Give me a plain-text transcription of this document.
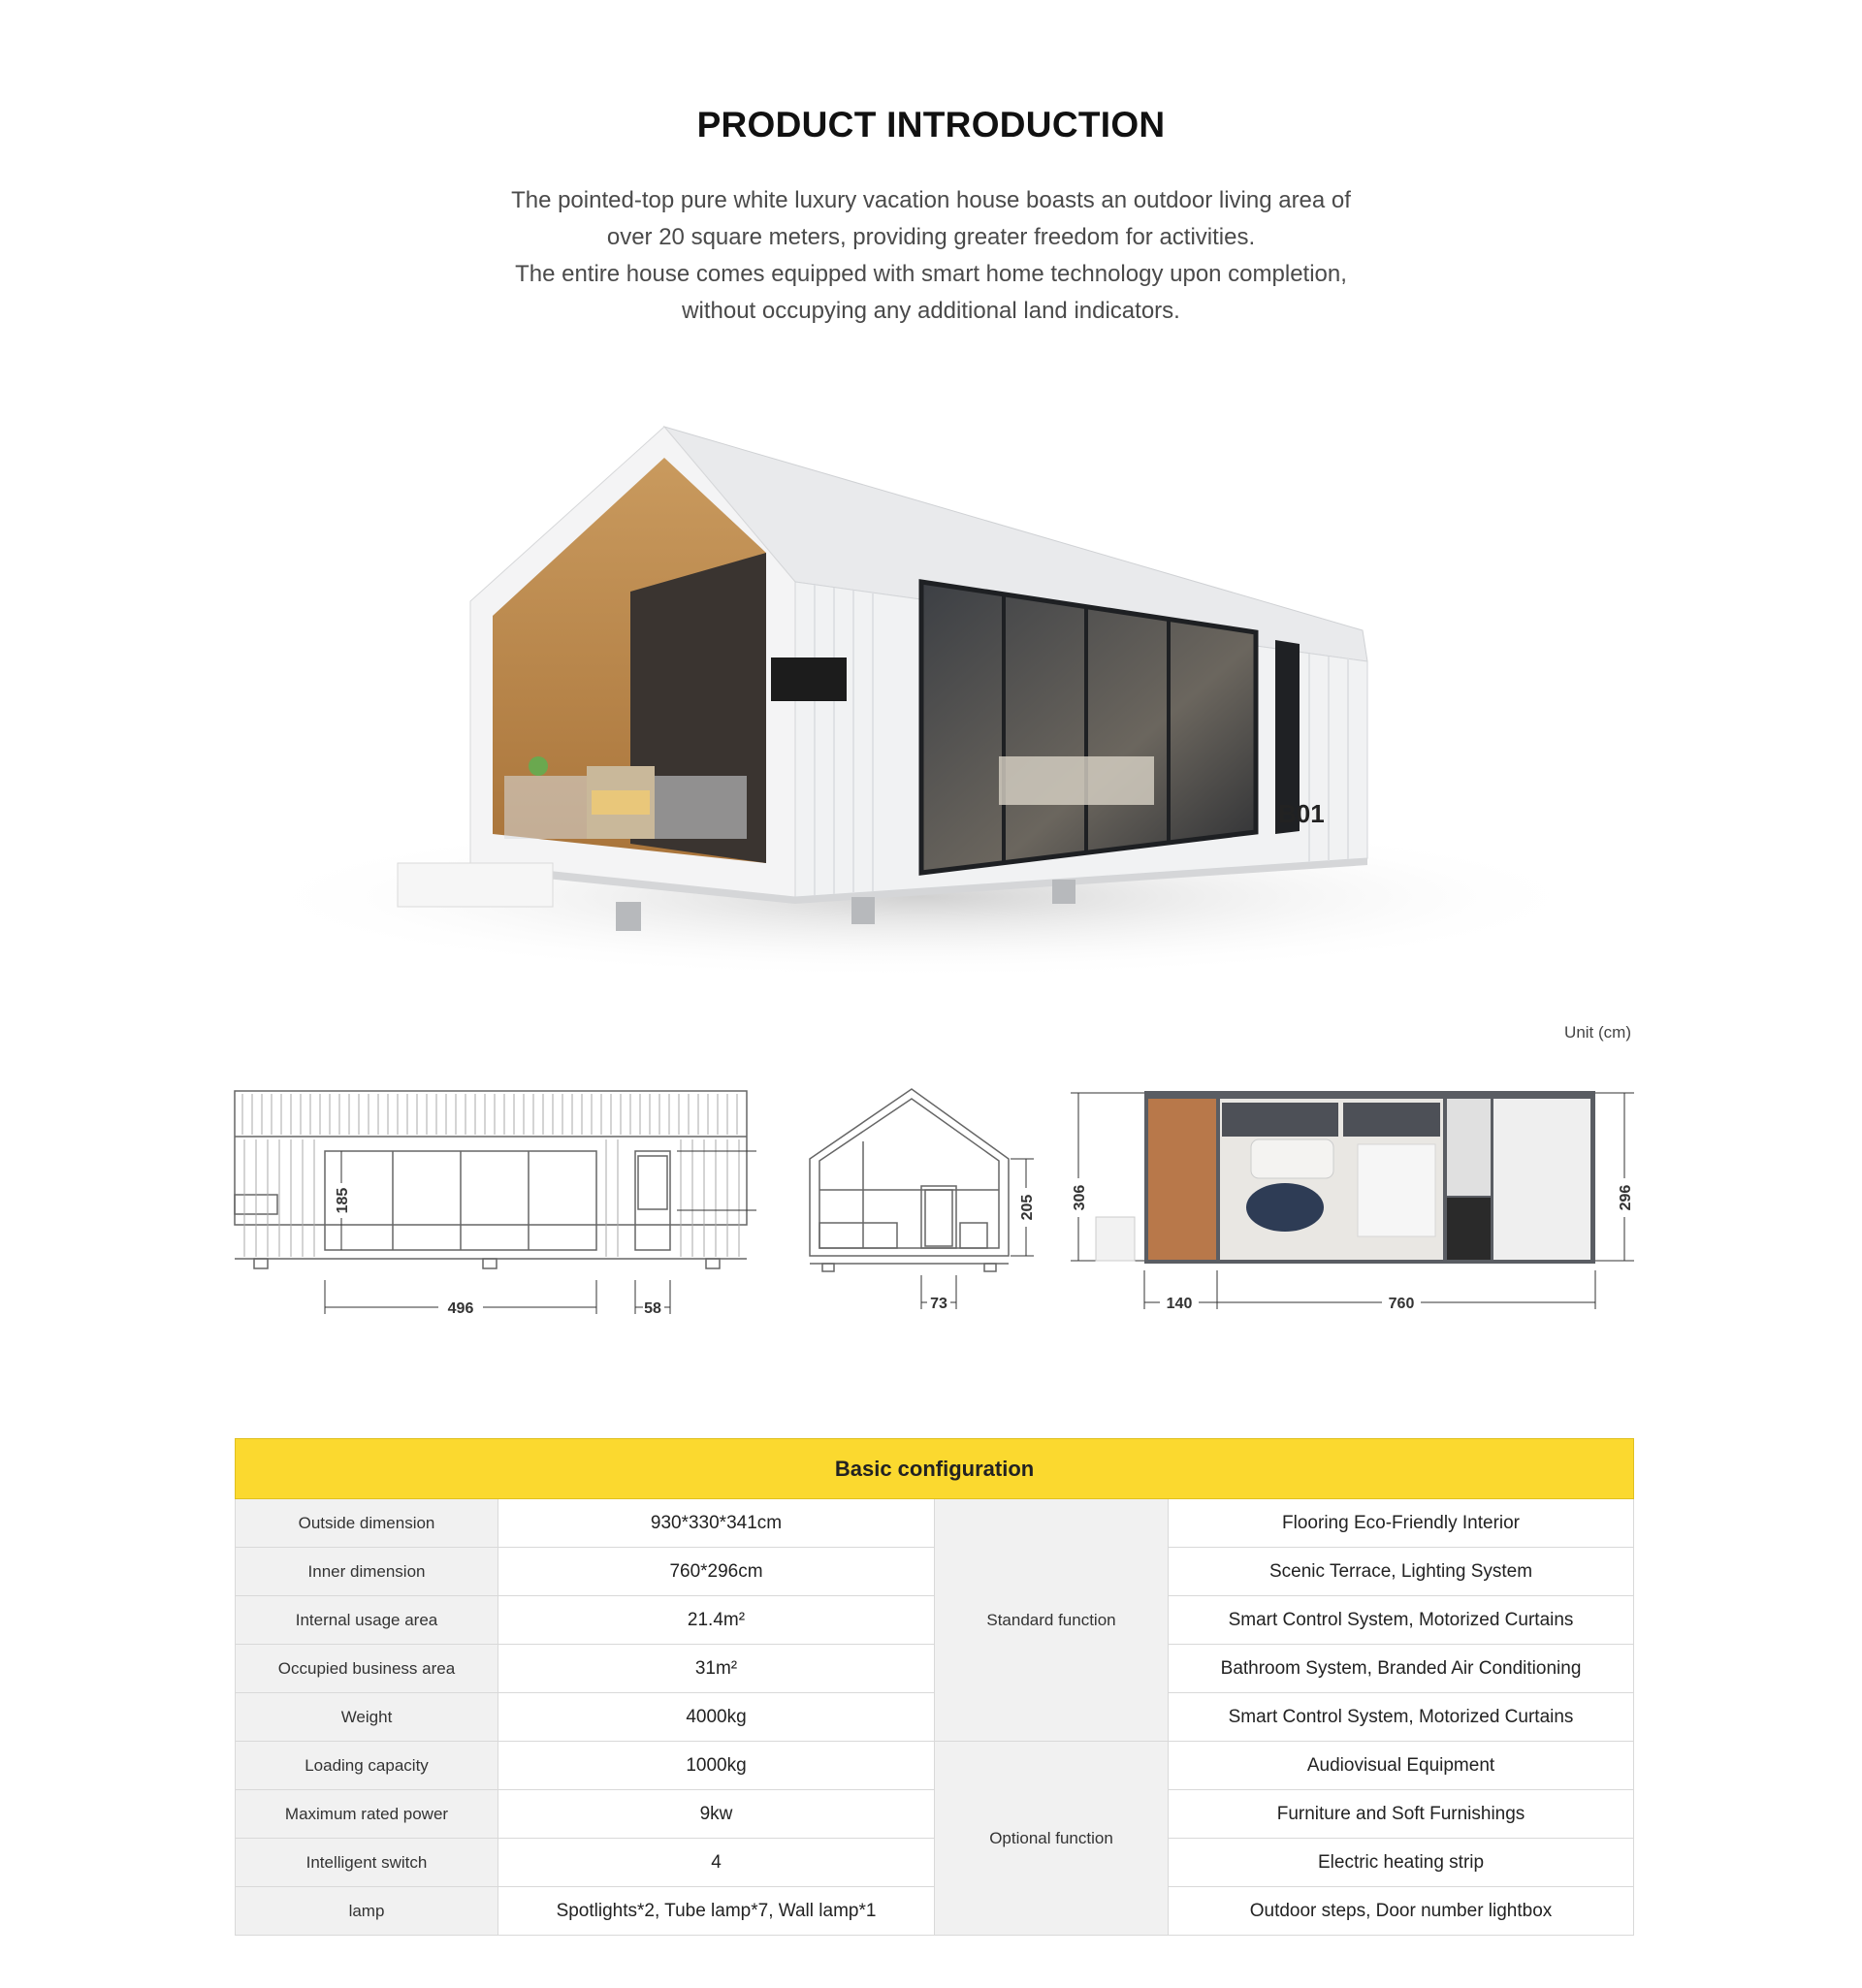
PRODUCT INTRODUCTION
The pointed-top pure white luxury vacation house boasts an outdoor living area of
over 20 square meters, providing greater freedom for activities.
The entire house comes equipped with smart home technology upon completion,
without occupying any additional land indicators.
B01
Unit (cm)
496	58
185	205
73
306	296
140	760
Basic configuration			
Outside dimension	930*330*341cm	Standard function	Flooring Eco-Friendly Interior
Inner dimension	760*296cm		Scenic Terrace, Lighting System
Internal usage area	21.4m²		Smart Control System, Motorized Curtains
Occupied business area	31m²		Bathroom System, Branded Air Conditioning
Weight	4000kg		Smart Control System, Motorized Curtains
Loading capacity	1000kg	Optional function	Audiovisual Equipment
Maximum rated power	9kw		Furniture and Soft Furnishings
Intelligent switch	4		Electric heating strip
lamp	Spotlights*2, Tube lamp*7, Wall lamp*1		Outdoor steps, Door number lightbox
